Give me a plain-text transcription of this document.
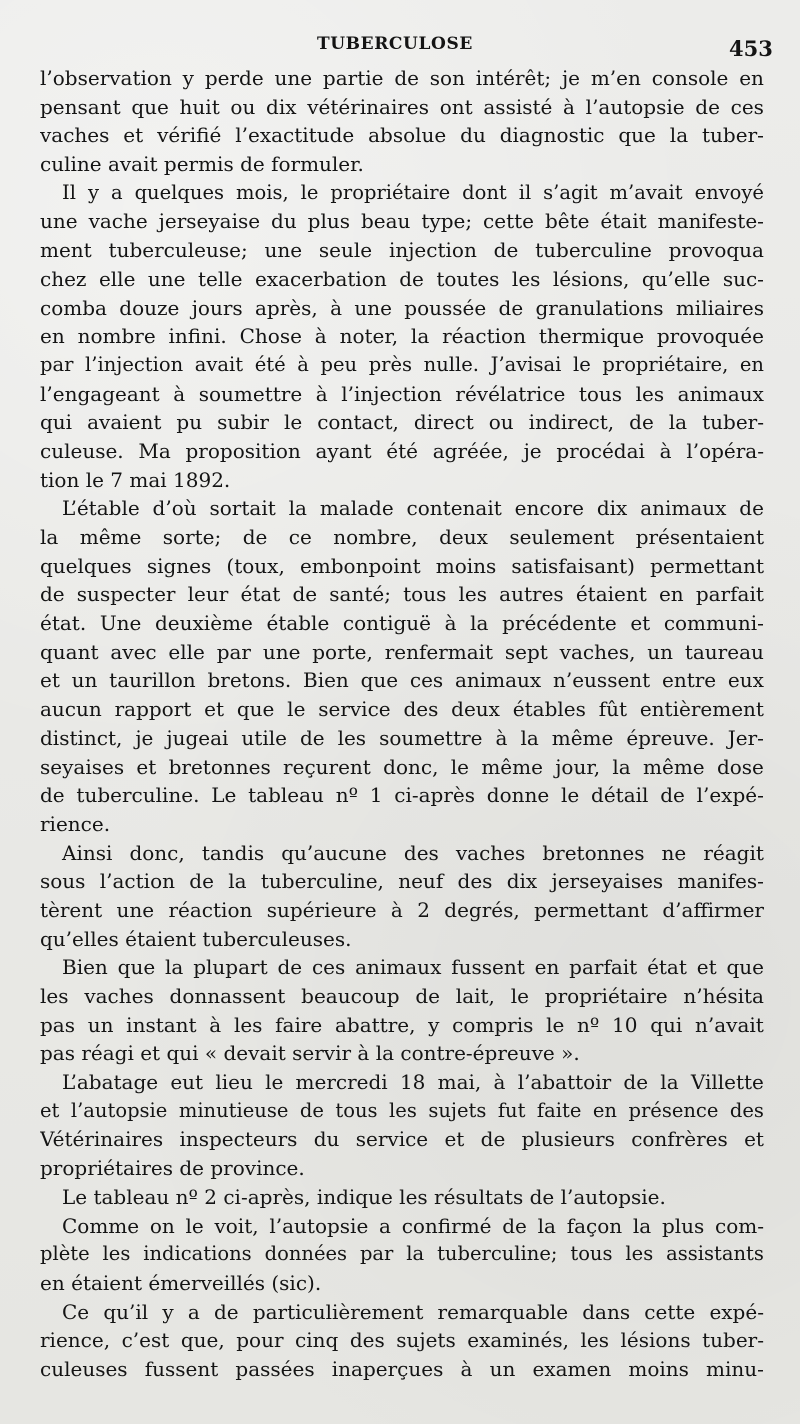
TUBERCULOSE	453
l’observation y perde une partie de son intérêt; je m’en console en
pensant que huit ou dix vétérinaires ont assisté à l’autopsie de ces
vaches et vérifié l’exactitude absolue du diagnostic que la tuber-
culine avait permis de formuler.
Il y a quelques mois, le propriétaire dont il s’agit m’avait envoyé
une vache jerseyaise du plus beau type; cette bête était manifeste-
ment tuberculeuse; une seule injection de tuberculine provoqua
chez elle une telle exacerbation de toutes les lésions, qu’elle suc-
comba douze jours après, à une poussée de granulations miliaires
en nombre infini. Chose à noter, la réaction thermique provoquée
par l’injection avait été à peu près nulle. J’avisai le propriétaire, en
l’engageant à soumettre à l’injection révélatrice tous les animaux
qui avaient pu subir le contact, direct ou indirect, de la tuber-
culeuse. Ma proposition ayant été agréée, je procédai à l’opéra-
tion le 7 mai 1892.
L’étable d’où sortait la malade contenait encore dix animaux de
la même sorte; de ce nombre, deux seulement présentaient
quelques signes (toux, embonpoint moins satisfaisant) permettant
de suspecter leur état de santé; tous les autres étaient en parfait
état. Une deuxième étable contiguë à la précédente et communi-
quant avec elle par une porte, renfermait sept vaches, un taureau
et un taurillon bretons. Bien que ces animaux n’eussent entre eux
aucun rapport et que le service des deux étables fût entièrement
distinct, je jugeai utile de les soumettre à la même épreuve. Jer-
seyaises et bretonnes reçurent donc, le même jour, la même dose
de tuberculine. Le tableau nº 1 ci-après donne le détail de l’expé-
rience.
Ainsi donc, tandis qu’aucune des vaches bretonnes ne réagit
sous l’action de la tuberculine, neuf des dix jerseyaises manifes-
tèrent une réaction supérieure à 2 degrés, permettant d’affirmer
qu’elles étaient tuberculeuses.
Bien que la plupart de ces animaux fussent en parfait état et que
les vaches donnassent beaucoup de lait, le propriétaire n’hésita
pas un instant à les faire abattre, y compris le nº 10 qui n’avait
pas réagi et qui « devait servir à la contre-épreuve ».
L’abatage eut lieu le mercredi 18 mai, à l’abattoir de la Villette
et l’autopsie minutieuse de tous les sujets fut faite en présence des
Vétérinaires inspecteurs du service et de plusieurs confrères et
propriétaires de province.
Le tableau nº 2 ci-après, indique les résultats de l’autopsie.
Comme on le voit, l’autopsie a confirmé de la façon la plus com-
plète les indications données par la tuberculine; tous les assistants
en étaient émerveillés (sic).
Ce qu’il y a de particulièrement remarquable dans cette expé-
rience, c’est que, pour cinq des sujets examinés, les lésions tuber-
culeuses fussent passées inaperçues à un examen moins minu-
